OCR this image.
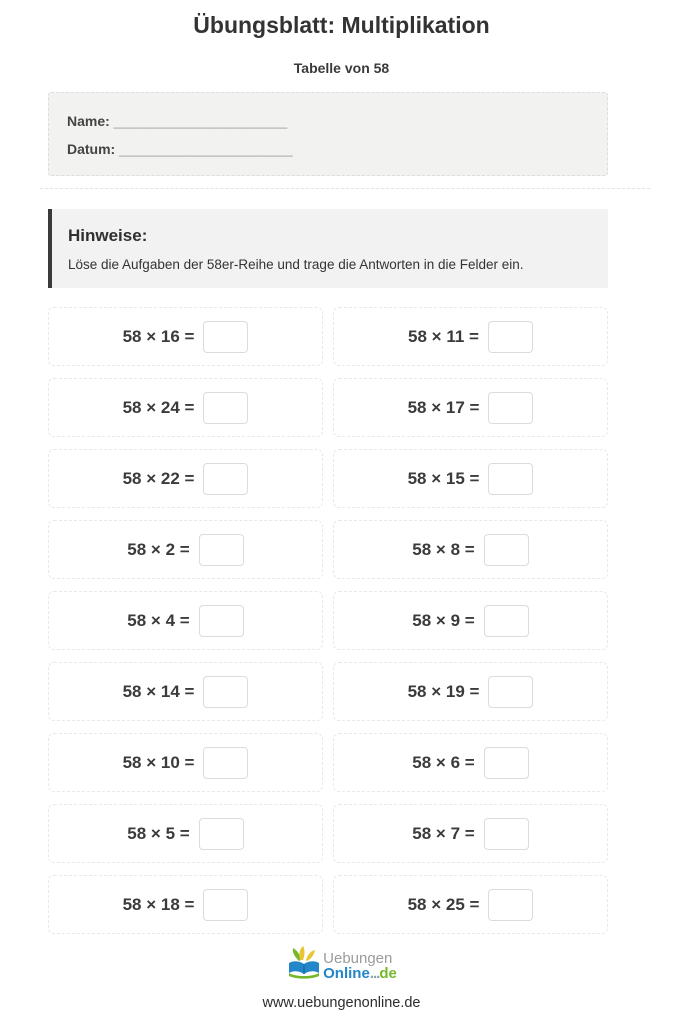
Übungsblatt: Multiplikation
Tabelle von 58
Name: ________________________
Datum: ________________________
Hinweise:

Löse die Aufgaben der 58er-Reihe und trage die Antworten in die Felder ein.

58 × 16 =
58 × 24 =
58 × 22 =
58 × 2 =
58 × 4 =
58 × 14 =
58 × 10 =
58 × 5 =
58 × 18 =
58 × 11 =
58 × 17 =
58 × 15 =
58 × 8 =
58 × 9 =
58 × 19 =
58 × 6 =
58 × 7 =
58 × 25 =
Uebungen
Online...de
www.uebungenonline.de
